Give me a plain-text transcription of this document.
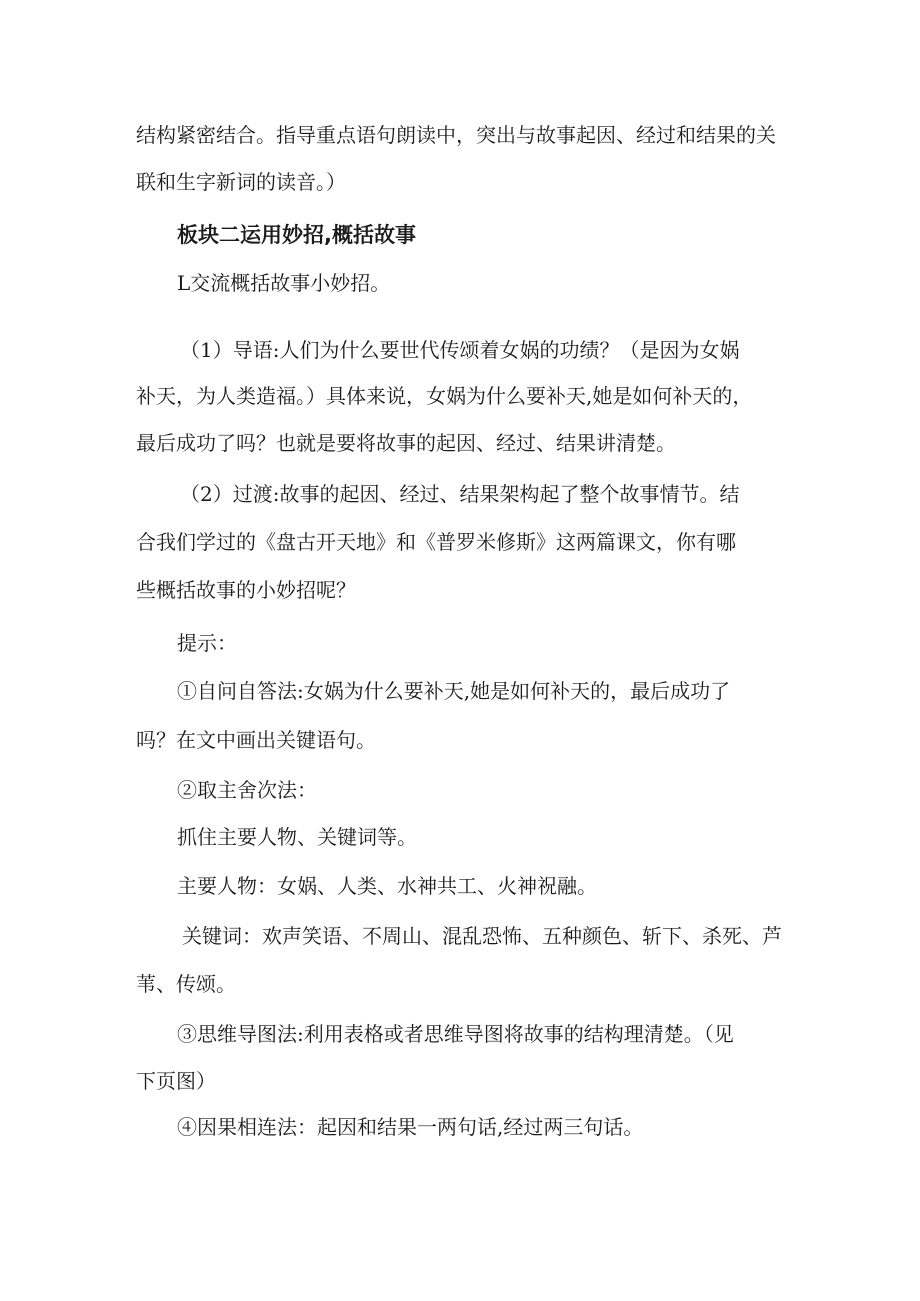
结构紧密结合。指导重点语句朗读中，突出与故事起因、经过和结果的关
联和生字新词的读音。）
板块二运用妙招,概括故事
L交流概括故事小妙招。
（1）导语:人们为什么要世代传颂着女娲的功绩？（是因为女娲
补天，为人类造福。）具体来说，女娲为什么要补天,她是如何补天的，
最后成功了吗？也就是要将故事的起因、经过、结果讲清楚。
（2）过渡:故事的起因、经过、结果架构起了整个故事情节。结
合我们学过的《盘古开天地》和《普罗米修斯》这两篇课文，你有哪
些概括故事的小妙招呢？
提示：
①自问自答法:女娲为什么要补天,她是如何补天的，最后成功了
吗？在文中画出关键语句。
②取主舍次法：
抓住主要人物、关键词等。
主要人物：女娲、人类、水神共工、火神祝融。
关键词：欢声笑语、不周山、混乱恐怖、五种颜色、斩下、杀死、芦
苇、传颂。
③思维导图法:利用表格或者思维导图将故事的结构理清楚。（见
下页图）
④因果相连法：起因和结果一两句话,经过两三句话。
